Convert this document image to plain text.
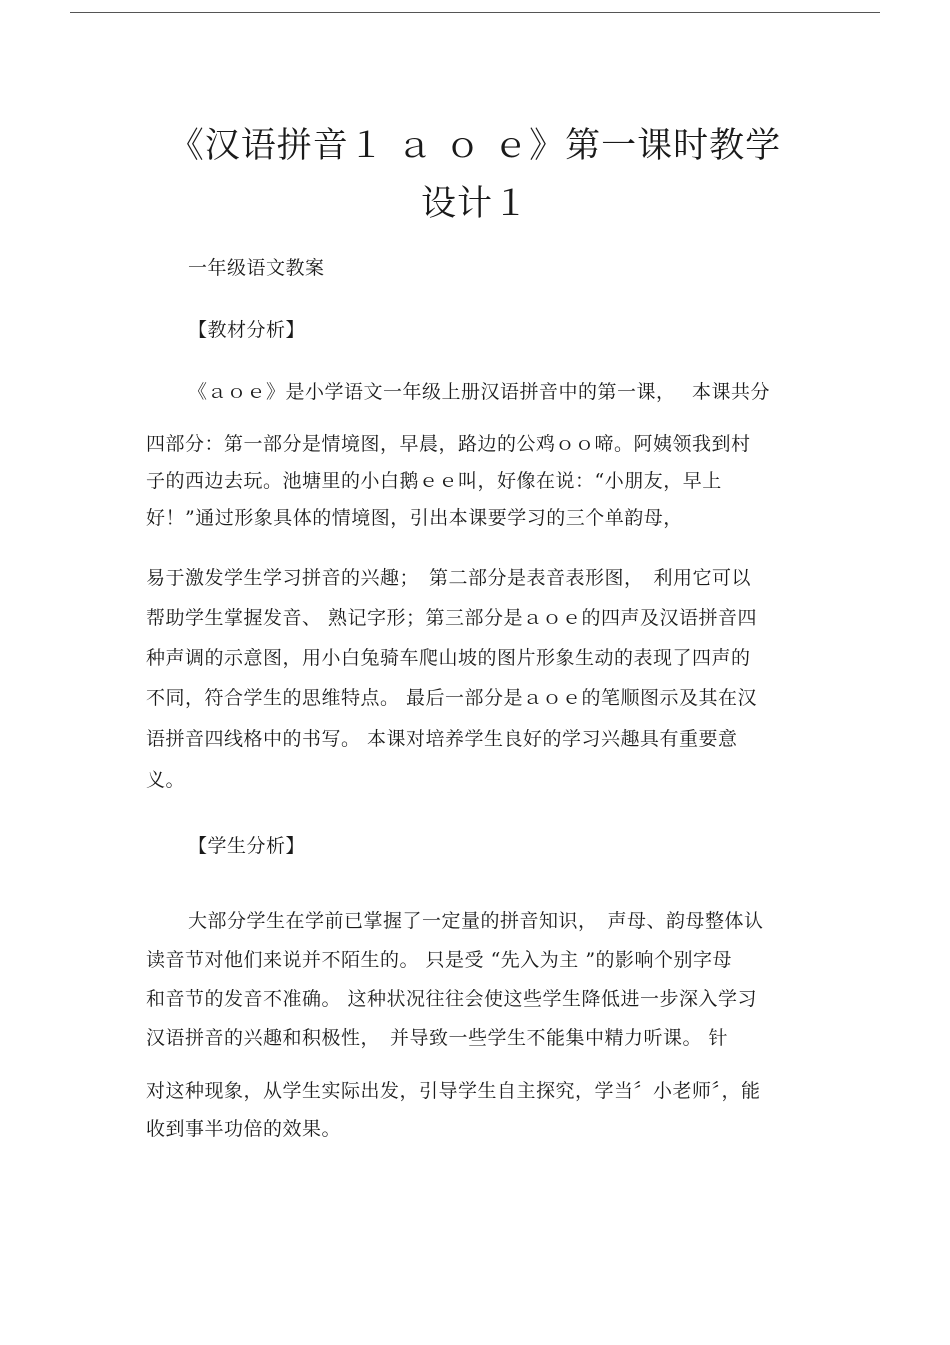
《汉语拼音１ ａ ｏ ｅ》第一课时教学
设计１
一年级语文教案
【教材分析】
《ａｏｅ》是小学语文一年级上册汉语拼音中的第一课，　 本课共分
四部分：第一部分是情境图，早晨，路边的公鸡ｏｏ啼。阿姨领我到村
子的西边去玩。池塘里的小白鹅ｅｅ叫，好像在说：“小朋友，早上
好！”通过形象具体的情境图，引出本课要学习的三个单韵母，
易于激发学生学习拼音的兴趣；　第二部分是表音表形图，　利用它可以
帮助学生掌握发音、 熟记字形；第三部分是ａｏｅ的四声及汉语拼音四
种声调的示意图，用小白兔骑车爬山坡的图片形象生动的表现了四声的
不同，符合学生的思维特点。 最后一部分是ａｏｅ的笔顺图示及其在汉
语拼音四线格中的书写。 本课对培养学生良好的学习兴趣具有重要意
义。
【学生分析】
大部分学生在学前已掌握了一定量的拼音知识，　声母、韵母整体认
读音节对他们来说并不陌生的。 只是受 “先入为主 ”的影响个别字母
和音节的发音不准确。 这种状况往往会使这些学生降低进一步深入学习
汉语拼音的兴趣和积极性，　并导致一些学生不能集中精力听课。 针
对这种现象，从学生实际出发，引导学生自主探究，学当〞小老师〞，能
收到事半功倍的效果。
